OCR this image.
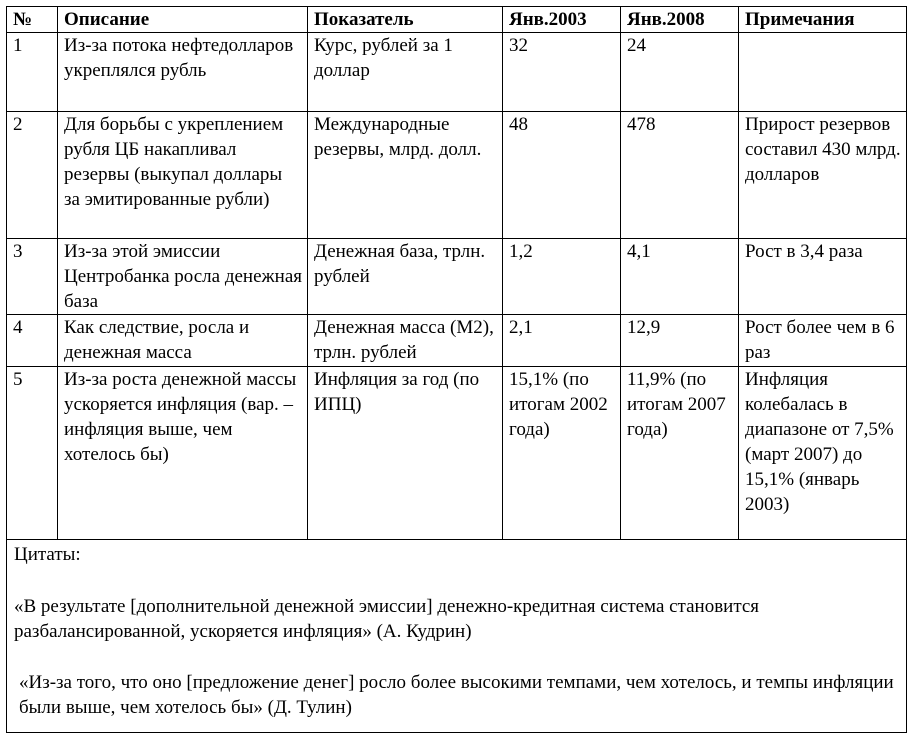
№	Описание	Показатель	Янв.2003	Янв.2008	Примечания
1	Из-за потока нефтедолларов укреплялся рубль	Курс, рублей за 1 доллар	32	24	
2	Для борьбы с укреплением рубля ЦБ накапливал резервы (выкупал доллары за эмитированные рубли)	Международные резервы, млрд. долл.	48	478	Прирост резервов составил 430 млрд. долларов
3	Из-за этой эмиссии Центробанка росла денежная база	Денежная база, трлн. рублей	1,2	4,1	Рост в 3,4 раза
4	Как следствие, росла и денежная масса	Денежная масса (М2), трлн. рублей	2,1	12,9	Рост более чем в 6 раз
5	Из-за роста денежной массы ускоряется инфляция (вар. – инфляция выше, чем хотелось бы)	Инфляция за год (по ИПЦ)	15,1% (по итогам 2002 года)	11,9% (по итогам 2007 года)	Инфляция колебалась в диапазоне от 7,5% (март 2007) до 15,1% (январь 2003)

Цитаты:

«В результате [дополнительной денежной эмиссии] денежно-кредитная система становится разбалансированной, ускоряется инфляция» (А. Кудрин)

«Из-за того, что оно [предложение денег] росло более высокими темпами, чем хотелось, и темпы инфляции были выше, чем хотелось бы» (Д. Тулин)					
